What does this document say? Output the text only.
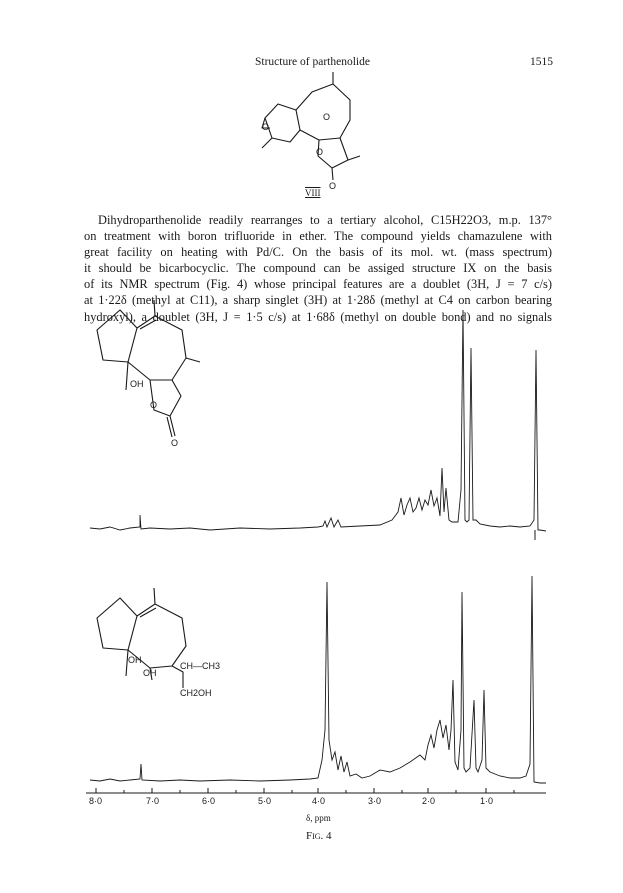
Structure of parthenolide	1515
O
O
O
O
VIII
Dihydroparthenolide readily rearranges to a tertiary alcohol, C15H22O3, m.p. 137°
on treatment with boron trifluoride in ether. The compound yields chamazulene with
great facility on heating with Pd/C. On the basis of its mol. wt. (mass spectrum)
it should be bicarbocyclic. The compound can be assiged structure IX on the basis
of its NMR spectrum (Fig. 4) whose principal features are a doublet (3H, J = 7 c/s)
at 1·22δ (methyl at C11), a sharp singlet (3H) at 1·28δ (methyl at C4 on carbon bearing
hydroxyl), a doublet (3H, J = 1·5 c/s) at 1·68δ (methyl on double bond) and no signals
OH
O
O
OH
OH
CH—CH3
CH2OH
8·0	7·0	6·0	5·0	4·0	3·0	2·0	1·0
δ, ppm
Fig. 4
